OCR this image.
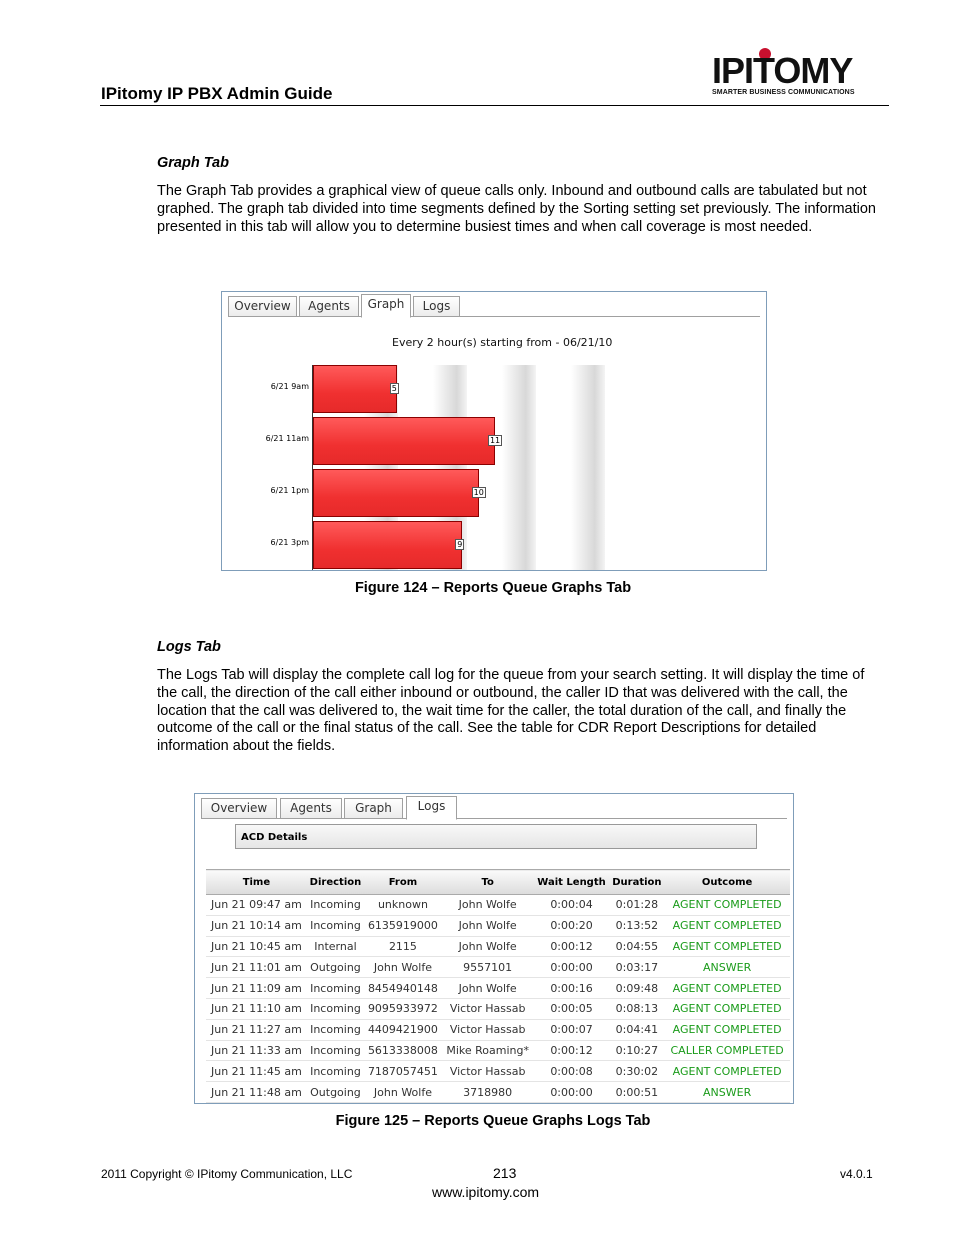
IPitomy IP PBX Admin Guide
IPITOMY
SMARTER BUSINESS COMMUNICATIONS
Graph Tab
The Graph Tab provides a graphical view of queue calls only. Inbound and outbound calls are tabulated but not graphed. The graph tab divided into time segments defined by the Sorting setting set previously. The information presented in this tab will allow you to determine busiest times and when call coverage is most needed.
Overview	Agents	Graph	Logs
Every 2 hour(s) starting from - 06/21/10
5
6/21 9am
11
6/21 11am
10
6/21 1pm
9
6/21 3pm
Figure 124 – Reports Queue Graphs Tab
Logs Tab
The Logs Tab will display the complete call log for the queue from your search setting. It will display the time of the call, the direction of the call either inbound or outbound, the caller ID that was delivered with the call, the location that the call was delivered to, the wait time for the caller, the total duration of the call, and finally the outcome of the call or the final status of the call. See the table for CDR Report Descriptions for detailed information about the fields.
Overview	Agents	Graph	Logs
ACD Details
Time	Direction	From	To	Wait Length	Duration	Outcome
Jun 21 09:47 am	Incoming	unknown	John Wolfe	0:00:04	0:01:28	AGENT COMPLETED
Jun 21 10:14 am	Incoming	6135919000	John Wolfe	0:00:20	0:13:52	AGENT COMPLETED
Jun 21 10:45 am	Internal	2115	John Wolfe	0:00:12	0:04:55	AGENT COMPLETED
Jun 21 11:01 am	Outgoing	John Wolfe	9557101	0:00:00	0:03:17	ANSWER
Jun 21 11:09 am	Incoming	8454940148	John Wolfe	0:00:16	0:09:48	AGENT COMPLETED
Jun 21 11:10 am	Incoming	9095933972	Victor Hassab	0:00:05	0:08:13	AGENT COMPLETED
Jun 21 11:27 am	Incoming	4409421900	Victor Hassab	0:00:07	0:04:41	AGENT COMPLETED
Jun 21 11:33 am	Incoming	5613338008	Mike Roaming*	0:00:12	0:10:27	CALLER COMPLETED
Jun 21 11:45 am	Incoming	7187057451	Victor Hassab	0:00:08	0:30:02	AGENT COMPLETED
Jun 21 11:48 am	Outgoing	John Wolfe	3718980	0:00:00	0:00:51	ANSWER
Figure 125 – Reports Queue Graphs Logs Tab
2011 Copyright © IPitomy Communication, LLC	213
www.ipitomy.com
v4.0.1
